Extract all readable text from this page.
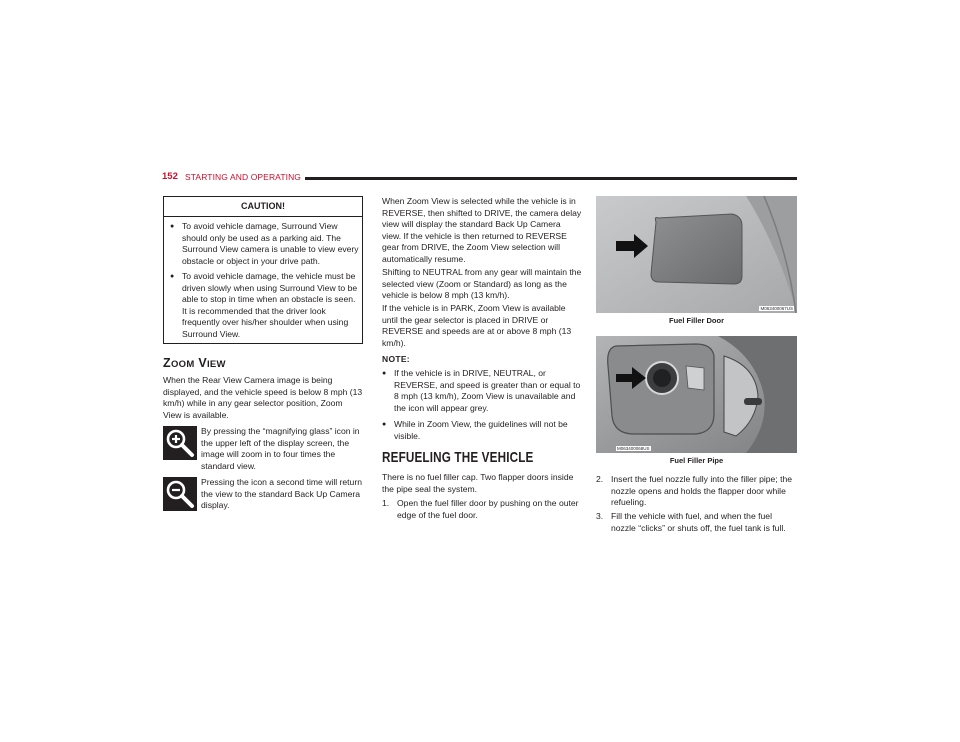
152 STARTING AND OPERATING
CAUTION!
● To avoid vehicle damage, Surround View should only be used as a parking aid. The Surround View camera is unable to view every obstacle or object in your drive path.
● To avoid vehicle damage, the vehicle must be driven slowly when using Surround View to be able to stop in time when an obstacle is seen. It is recommended that the driver look frequently over his/her shoulder when using Surround View.
ZOOM VIEW
When the Rear View Camera image is being displayed, and the vehicle speed is below 8 mph (13 km/h) while in any gear selector position, Zoom View is available.
By pressing the “magnifying glass” icon in the upper left of the display screen, the image will zoom in to four times the standard view.
Pressing the icon a second time will return the view to the standard Back Up Camera display.
When Zoom View is selected while the vehicle is in REVERSE, then shifted to DRIVE, the camera delay view will display the standard Back Up Camera view. If the vehicle is then returned to REVERSE gear from DRIVE, the Zoom View selection will automatically resume.
Shifting to NEUTRAL from any gear will maintain the selected view (Zoom or Standard) as long as the vehicle is below 8 mph (13 km/h).
If the vehicle is in PARK, Zoom View is available until the gear selector is placed in DRIVE or REVERSE and speeds are at or above 8 mph (13 km/h).
NOTE:
● If the vehicle is in DRIVE, NEUTRAL, or REVERSE, and speed is greater than or equal to 8 mph (13 km/h), Zoom View is unavailable and the icon will appear grey.
● While in Zoom View, the guidelines will not be visible.
REFUELING THE VEHICLE
There is no fuel filler cap. Two flapper doors inside the pipe seal the system.
1. Open the fuel filler door by pushing on the outer edge of the fuel door.
M063400067US
Fuel Filler Door
M063400068US
Fuel Filler Pipe
2. Insert the fuel nozzle fully into the filler pipe; the nozzle opens and holds the flapper door while refueling.
3. Fill the vehicle with fuel, and when the fuel nozzle “clicks” or shuts off, the fuel tank is full.
